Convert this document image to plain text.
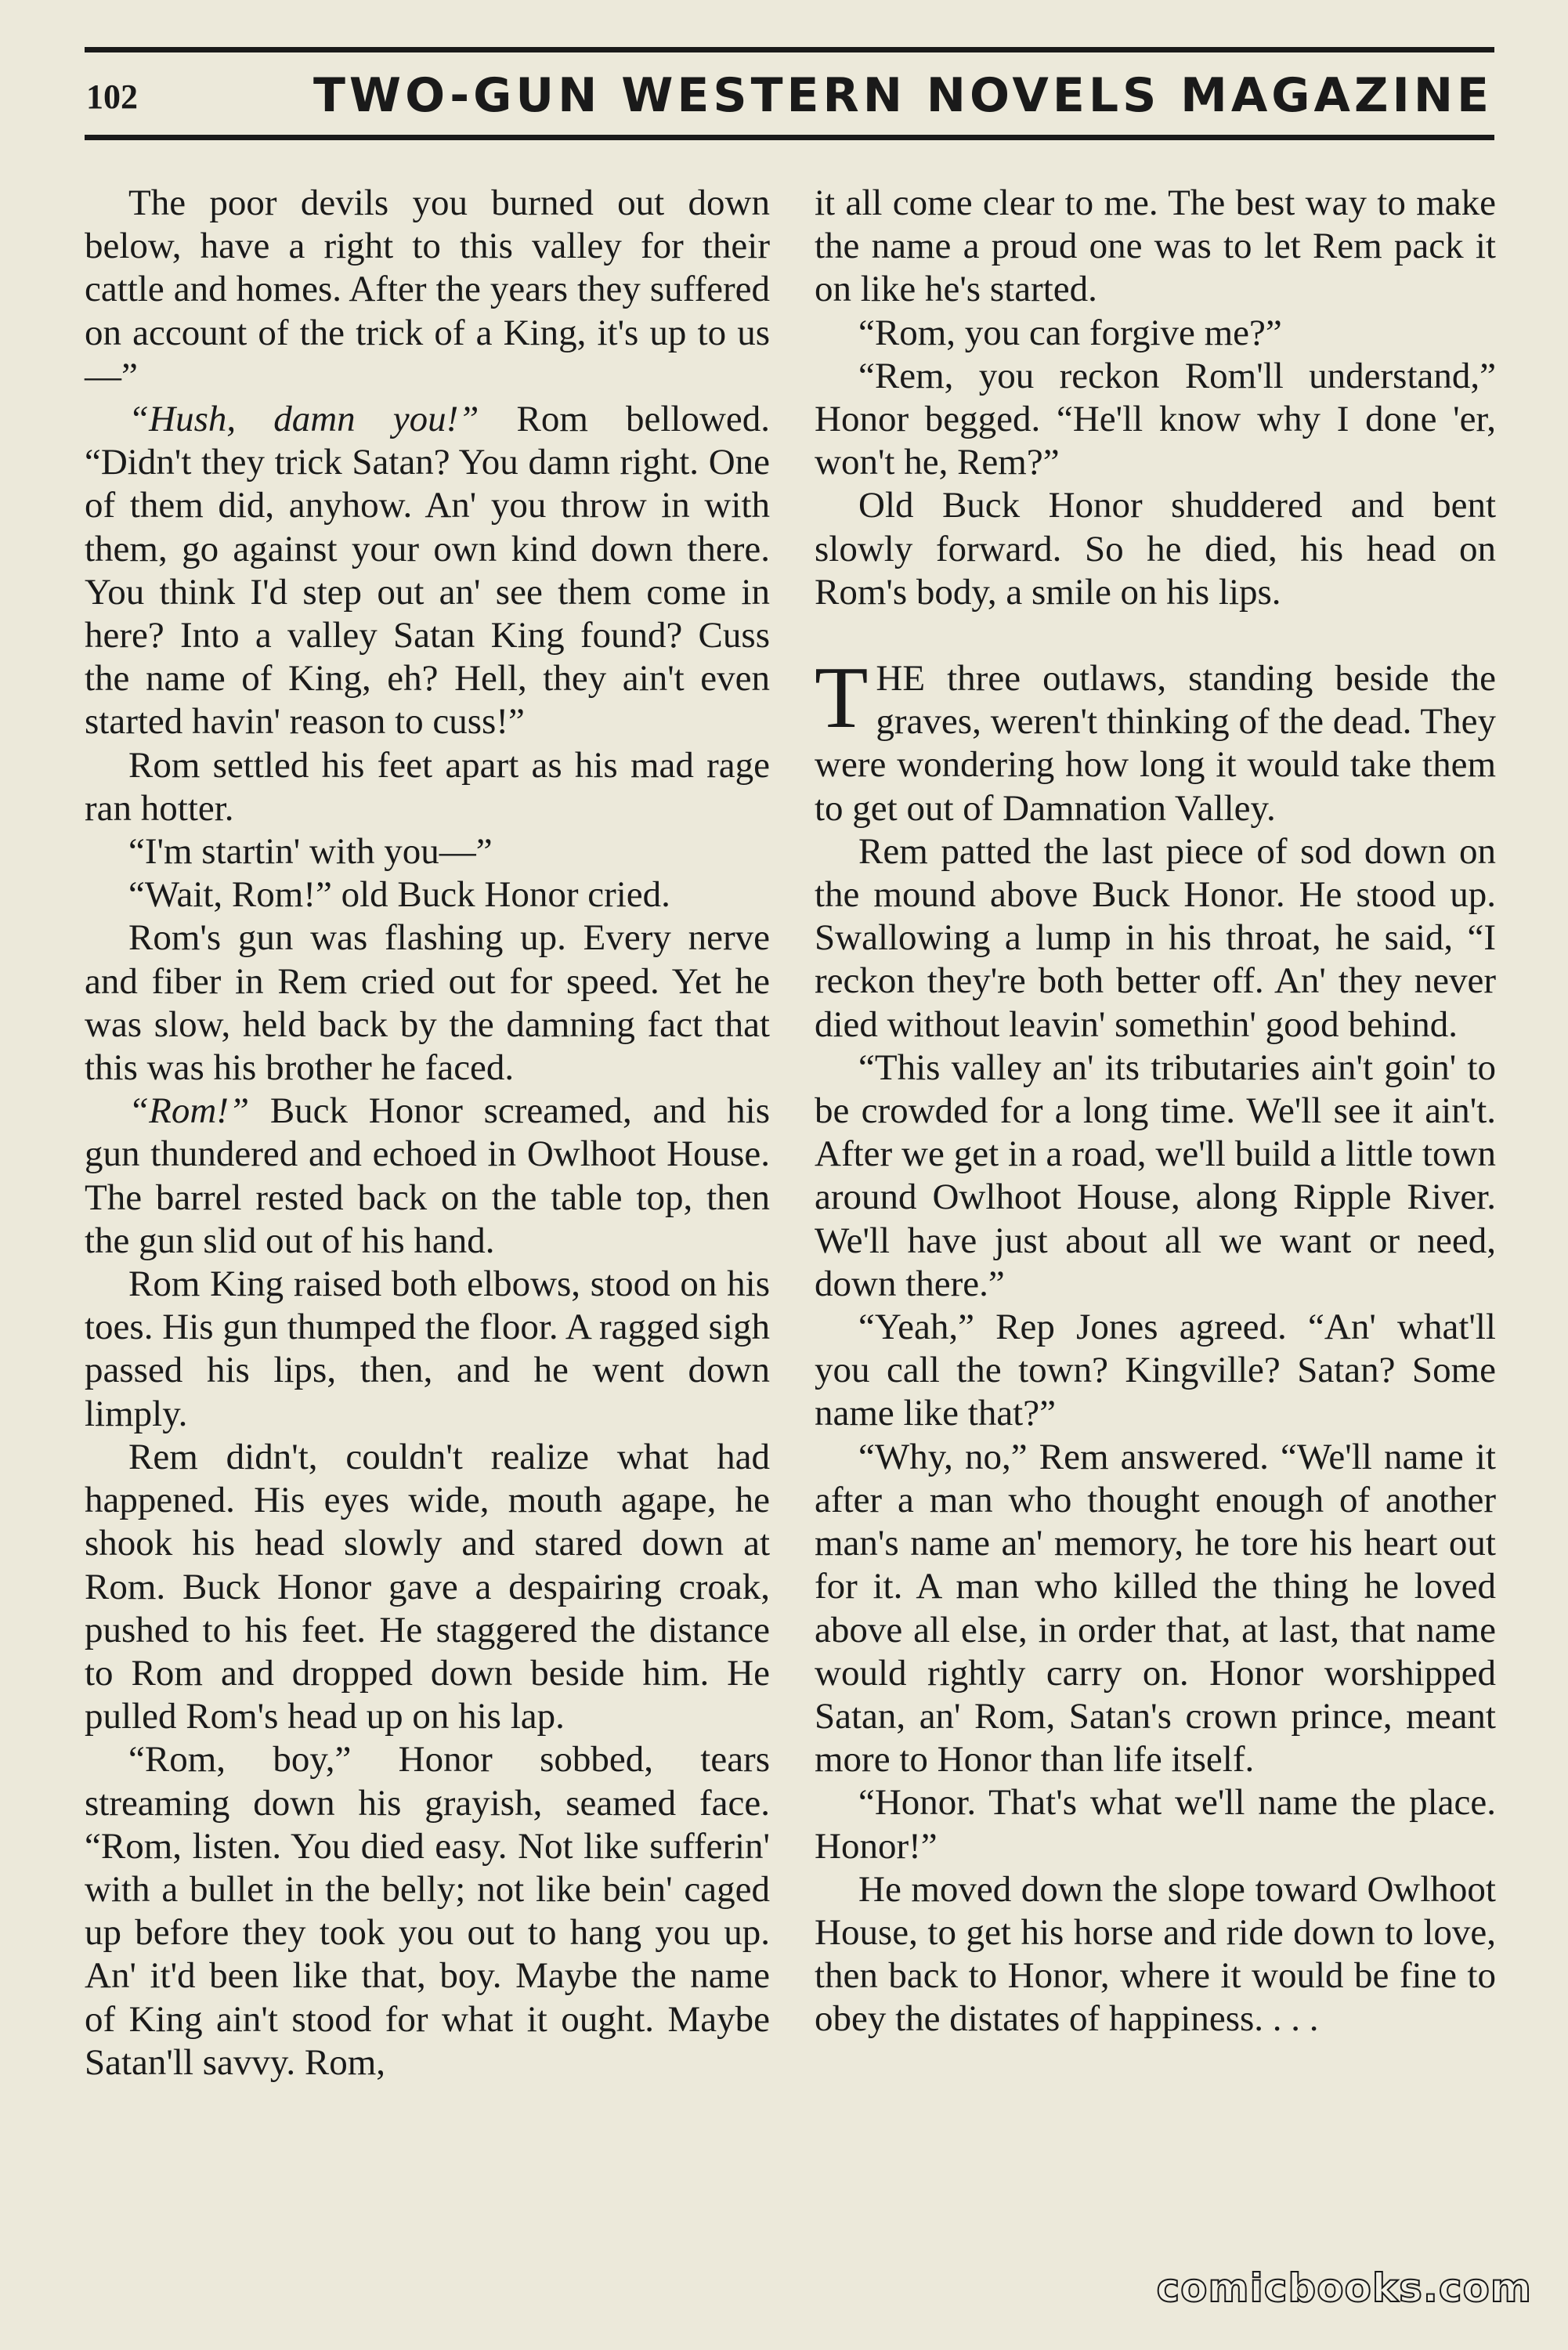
102	TWO-GUN WESTERN NOVELS MAGAZINE

The poor devils you burned out down below, have a right to this valley for their cattle and homes. After the years they suffered on account of the trick of a King, it's up to us—”

“Hush, damn you!” Rom bellowed. “Didn't they trick Satan? You damn right. One of them did, anyhow. An' you throw in with them, go against your own kind down there. You think I'd step out an' see them come in here? Into a valley Satan King found? Cuss the name of King, eh? Hell, they ain't even started havin' reason to cuss!”

Rom settled his feet apart as his mad rage ran hotter.

“I'm startin' with you—”

“Wait, Rom!” old Buck Honor cried.

Rom's gun was flashing up. Every nerve and fiber in Rem cried out for speed. Yet he was slow, held back by the damning fact that this was his brother he faced.

“Rom!” Buck Honor screamed, and his gun thundered and echoed in Owlhoot House. The barrel rested back on the table top, then the gun slid out of his hand.

Rom King raised both elbows, stood on his toes. His gun thumped the floor. A ragged sigh passed his lips, then, and he went down limply.

Rem didn't, couldn't realize what had happened. His eyes wide, mouth agape, he shook his head slowly and stared down at Rom. Buck Honor gave a despairing croak, pushed to his feet. He staggered the distance to Rom and dropped down beside him. He pulled Rom's head up on his lap.

“Rom, boy,” Honor sobbed, tears streaming down his grayish, seamed face. “Rom, listen. You died easy. Not like sufferin' with a bullet in the belly; not like bein' caged up before they took you out to hang you up. An' it'd been like that, boy. Maybe the name of King ain't stood for what it ought. Maybe Satan'll savvy. Rom,

it all come clear to me. The best way to make the name a proud one was to let Rem pack it on like he's started.

“Rom, you can forgive me?”

“Rem, you reckon Rom'll understand,” Honor begged. “He'll know why I done 'er, won't he, Rem?”

Old Buck Honor shuddered and bent slowly forward. So he died, his head on Rom's body, a smile on his lips.

THE three outlaws, standing beside the graves, weren't thinking of the dead. They were wondering how long it would take them to get out of Damnation Valley.

Rem patted the last piece of sod down on the mound above Buck Honor. He stood up. Swallowing a lump in his throat, he said, “I reckon they're both better off. An' they never died without leavin' somethin' good behind.

“This valley an' its tributaries ain't goin' to be crowded for a long time. We'll see it ain't. After we get in a road, we'll build a little town around Owlhoot House, along Ripple River. We'll have just about all we want or need, down there.”

“Yeah,” Rep Jones agreed. “An' what'll you call the town? Kingville? Satan? Some name like that?”

“Why, no,” Rem answered. “We'll name it after a man who thought enough of another man's name an' memory, he tore his heart out for it. A man who killed the thing he loved above all else, in order that, at last, that name would rightly carry on. Honor worshipped Satan, an' Rom, Satan's crown prince, meant more to Honor than life itself.

“Honor. That's what we'll name the place. Honor!”

He moved down the slope toward Owlhoot House, to get his horse and ride down to love, then back to Honor, where it would be fine to obey the distates of happiness. . . .

comicbooks.com
